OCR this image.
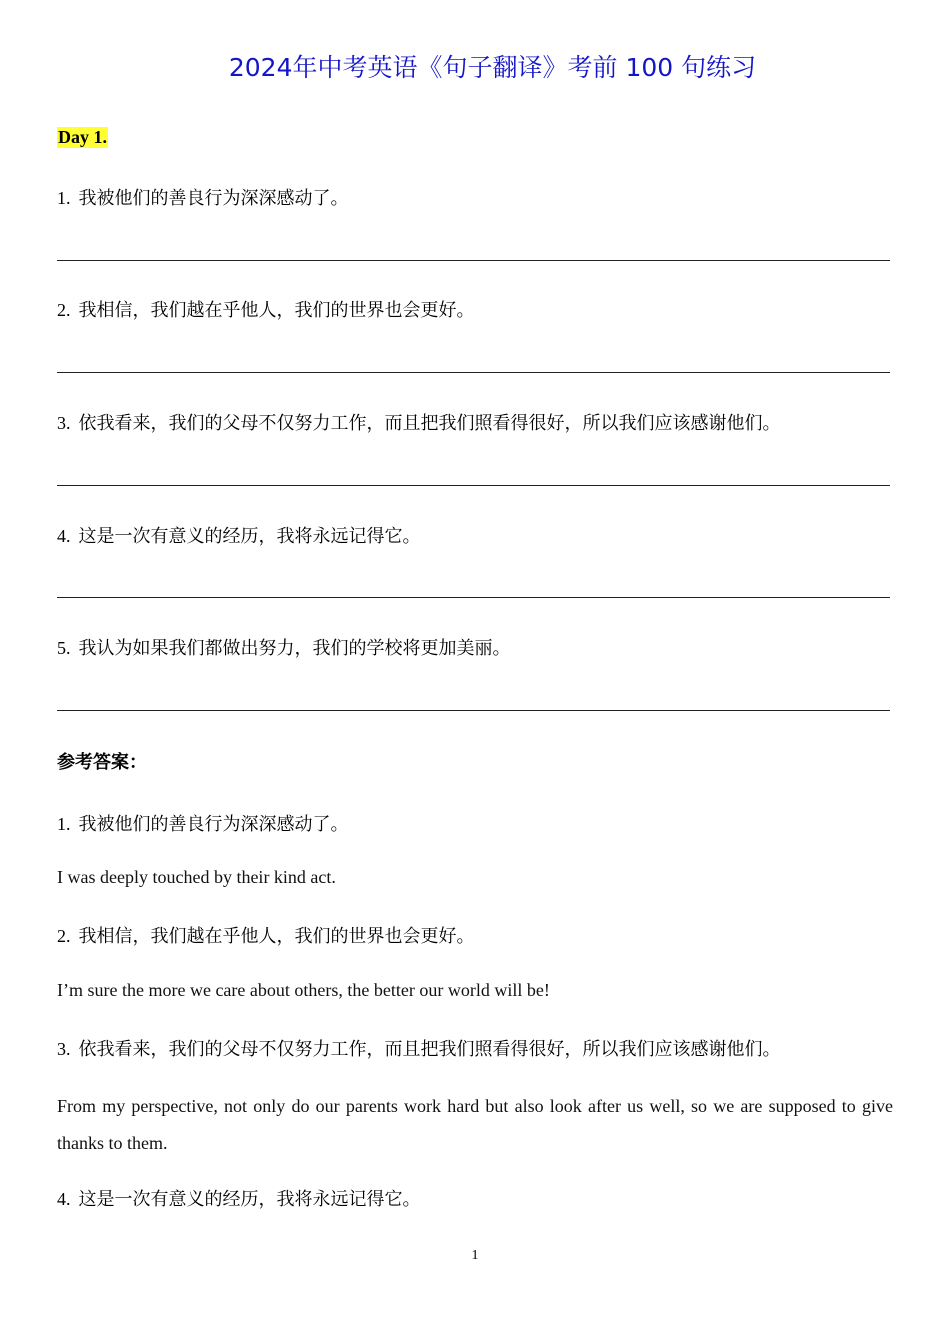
2024年中考英语《句子翻译》考前 100 句练习
Day 1.
1. 我被他们的善良行为深深感动了。
2. 我相信，我们越在乎他人，我们的世界也会更好。
3. 依我看来，我们的父母不仅努力工作，而且把我们照看得很好，所以我们应该感谢他们。
4. 这是一次有意义的经历，我将永远记得它。
5. 我认为如果我们都做出努力，我们的学校将更加美丽。
参考答案：
1. 我被他们的善良行为深深感动了。
I was deeply touched by their kind act.
2. 我相信，我们越在乎他人，我们的世界也会更好。
I’m sure the more we care about others, the better our world will be!
3. 依我看来，我们的父母不仅努力工作，而且把我们照看得很好，所以我们应该感谢他们。
From my perspective, not only do our parents work hard but also look after us well, so we are supposed to give thanks to them.
4. 这是一次有意义的经历，我将永远记得它。
1
